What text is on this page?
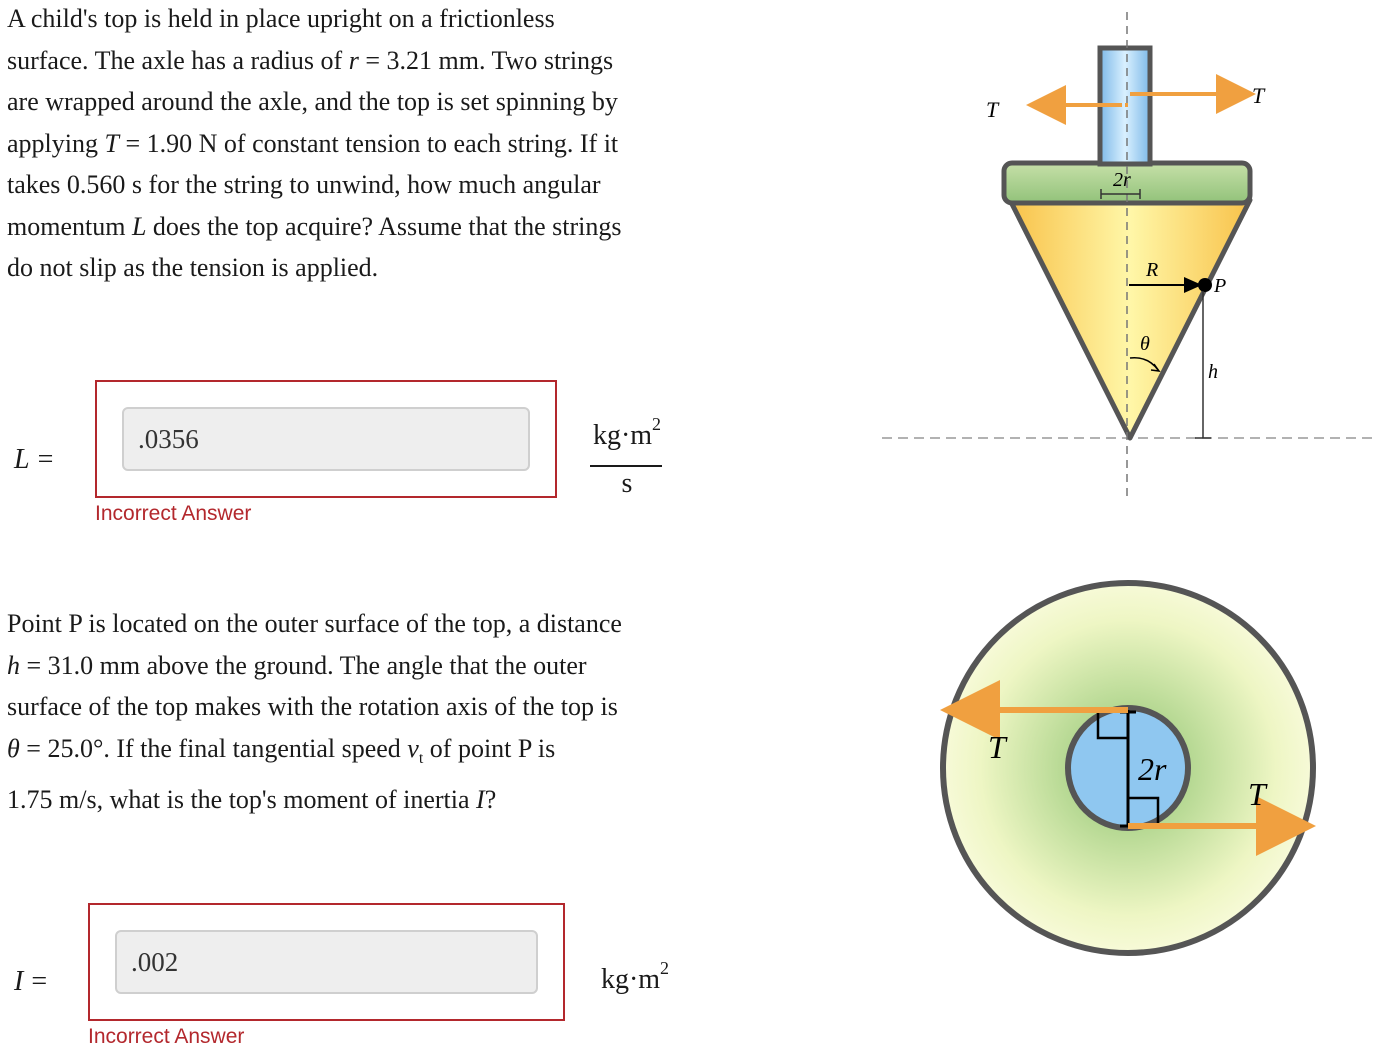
A child's top is held in place upright on a frictionless
surface. The axle has a radius of r = 3.21 mm. Two strings
are wrapped around the axle, and the top is set spinning by
applying T = 1.90 N of constant tension to each string. If it
takes 0.560 s for the string to unwind, how much angular
momentum L does the top acquire? Assume that the strings
do not slip as the tension is applied.
L =
.0356
Incorrect Answer
$kg\cdot m^2$
s
Point P is located on the outer surface of the top, a distance
h = 31.0 mm above the ground. The angle that the outer
surface of the top makes with the rotation axis of the top is
θ = 25.0°. If the final tangential speed $v_t$ of point P is
1.75 m/s, what is the top's moment of inertia I?
I =
.002
Incorrect Answer
$kg\cdot m^2$
T
T
2r
R
P
h
θ
T
T
2r
